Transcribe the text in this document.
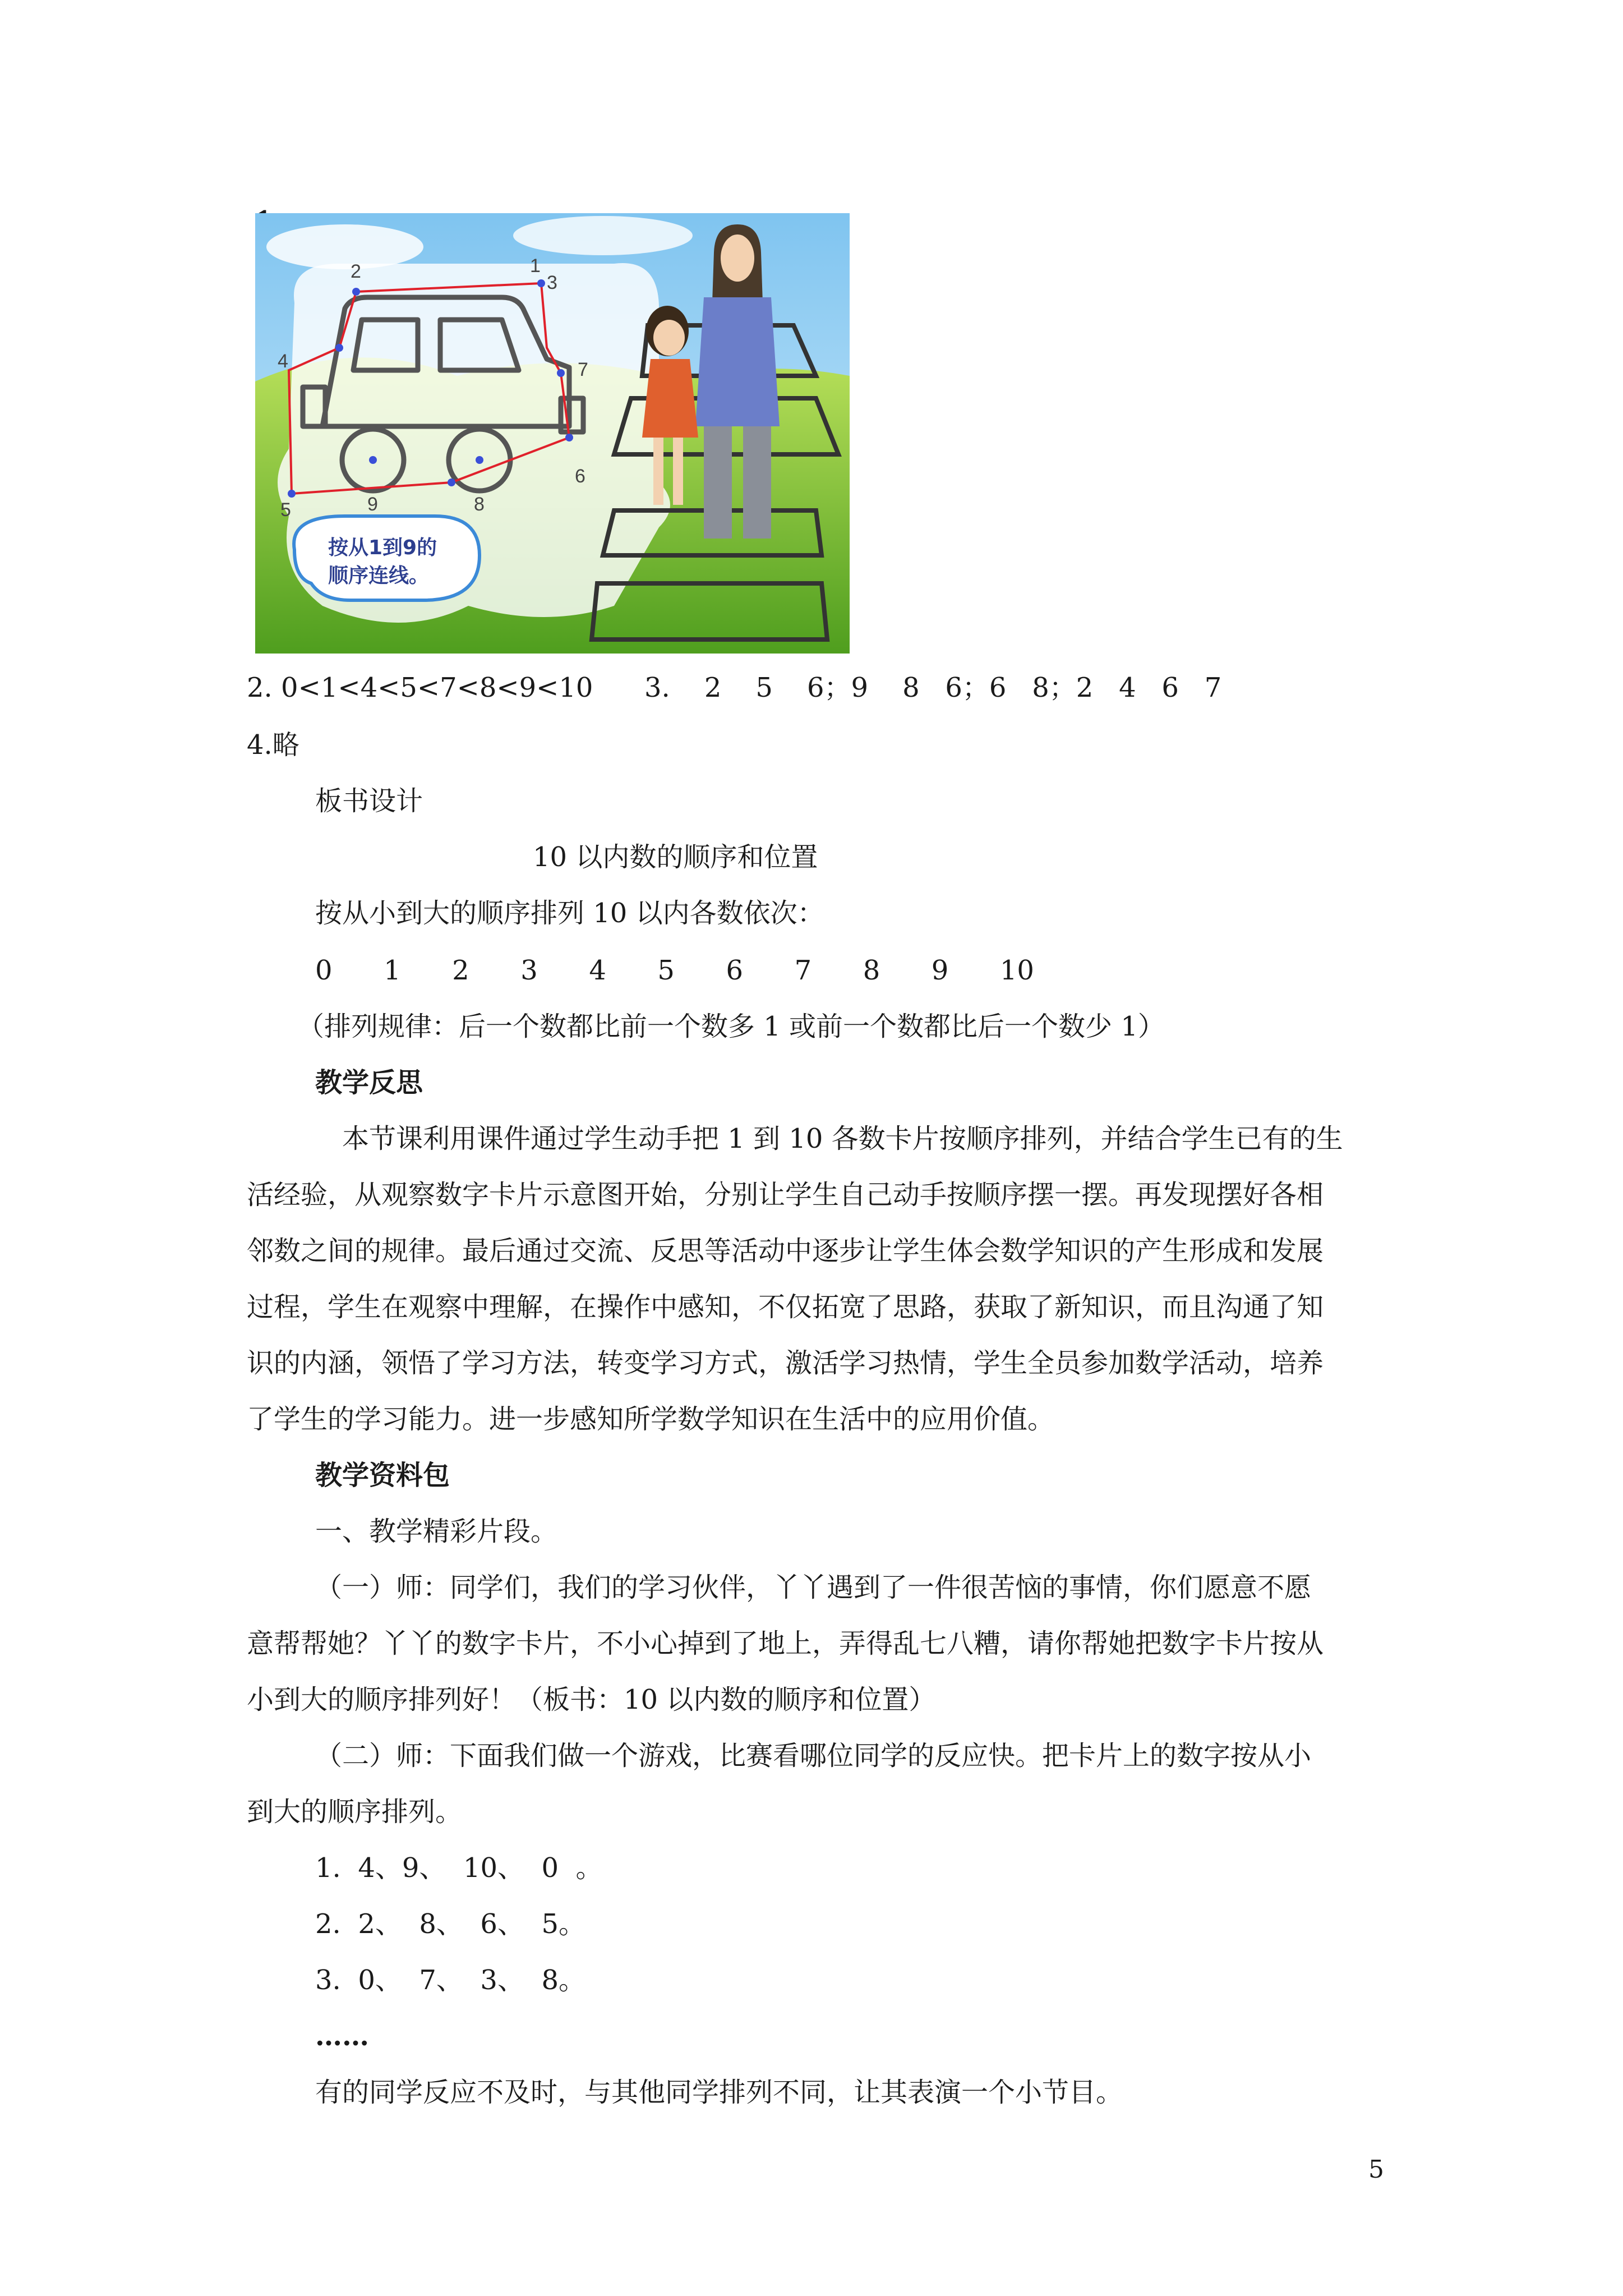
1
2
3
4
5
6
7
按从1到9的
顺序连线。
8
9
2. 0<1<4<5<7<8<9<10      3.    2    5    6；9    8   6；6   8；2   4   6   7
4.略
板书设计
10 以内数的顺序和位置
按从小到大的顺序排列 10 以内各数依次：
0      1      2      3      4      5      6      7      8      9      10
（排列规律：后一个数都比前一个数多 1 或前一个数都比后一个数少 1）
教学反思
本节课利用课件通过学生动手把 1 到 10 各数卡片按顺序排列，并结合学生已有的生
活经验，从观察数字卡片示意图开始，分别让学生自己动手按顺序摆一摆。再发现摆好各相
邻数之间的规律。最后通过交流、反思等活动中逐步让学生体会数学知识的产生形成和发展
过程，学生在观察中理解，在操作中感知，不仅拓宽了思路，获取了新知识，而且沟通了知
识的内涵，领悟了学习方法，转变学习方式，激活学习热情，学生全员参加数学活动，培养
了学生的学习能力。进一步感知所学数学知识在生活中的应用价值。
教学资料包
一、教学精彩片段。
（一）师：同学们，我们的学习伙伴，丫丫遇到了一件很苦恼的事情，你们愿意不愿
意帮帮她？丫丫的数字卡片，不小心掉到了地上，弄得乱七八糟，请你帮她把数字卡片按从
小到大的顺序排列好！（板书：10 以内数的顺序和位置）
（二）师：下面我们做一个游戏，比赛看哪位同学的反应快。把卡片上的数字按从小
到大的顺序排列。
1.  4、9、  10、  0  。
2.  2、  8、  6、  5。
3.  0、  7、  3、  8。
……
有的同学反应不及时，与其他同学排列不同，让其表演一个小节目。
5
